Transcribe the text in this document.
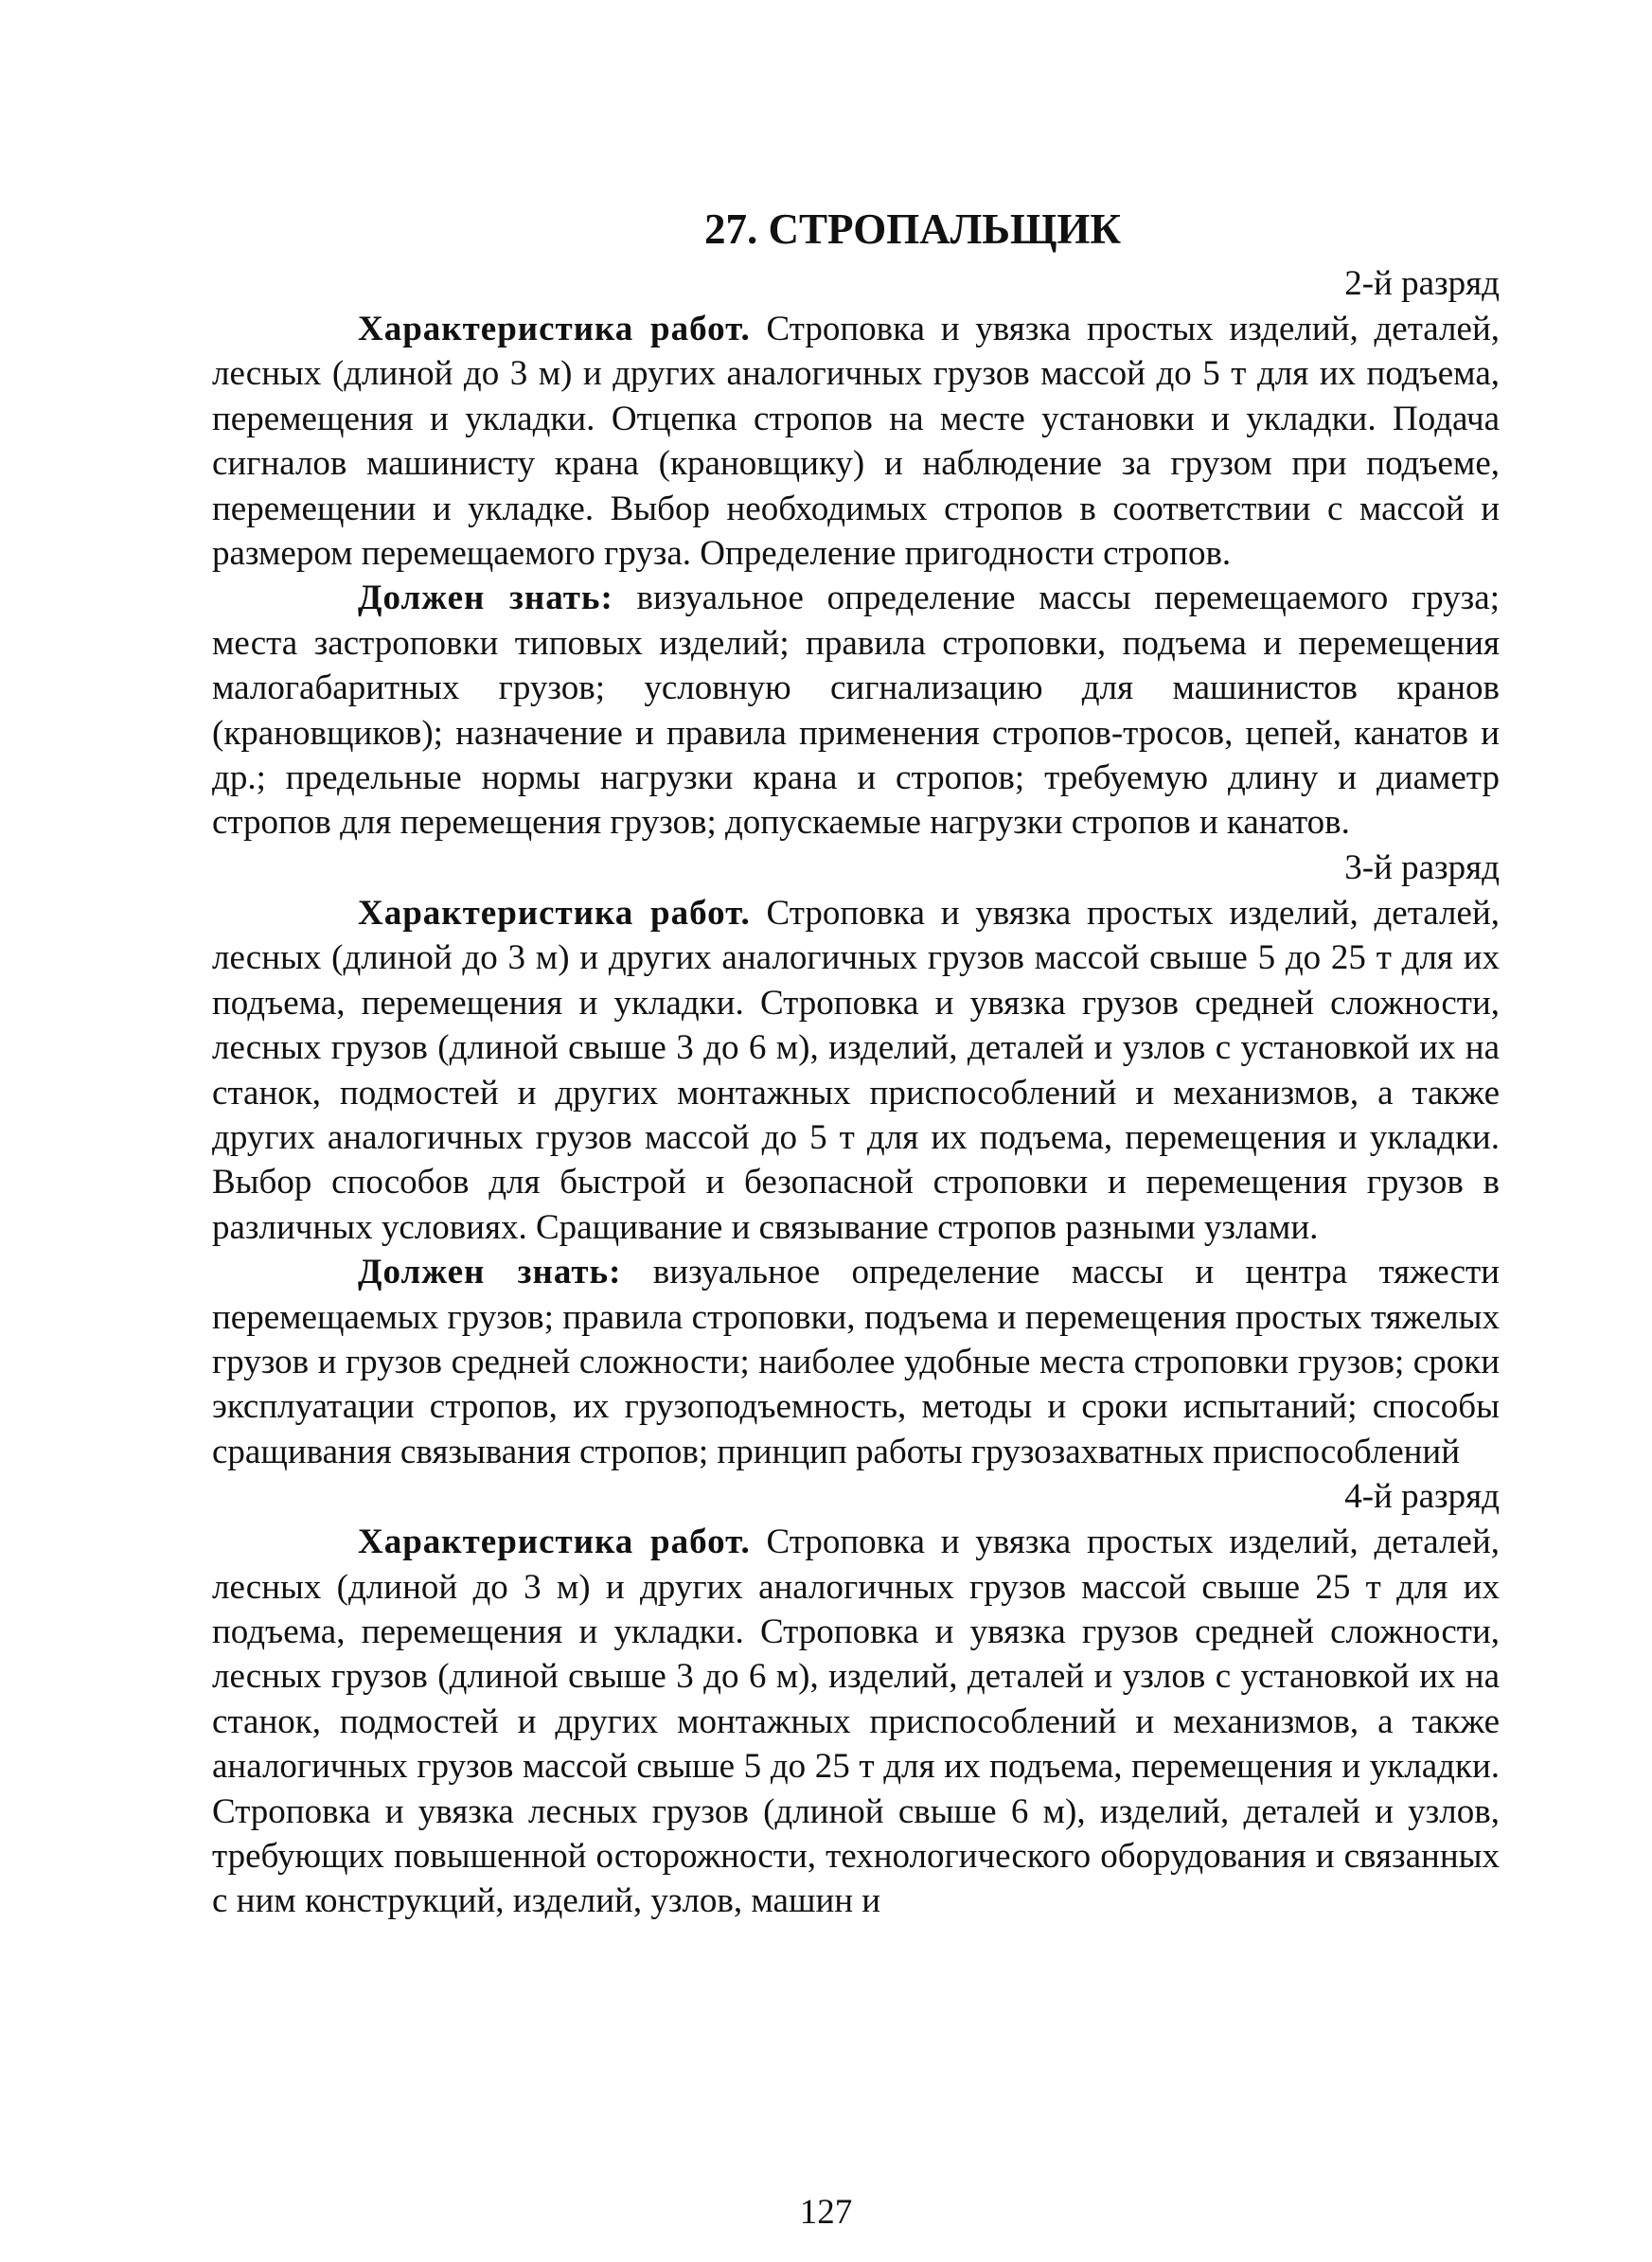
27. СТРОПАЛЬЩИК
2-й разряд

Характеристика работ. Строповка и увязка простых изделий, деталей, лесных (длиной до 3 м) и других аналогичных грузов массой до 5 т для их подъема, перемещения и укладки. Отцепка стропов на месте установки и укладки. Подача сигналов машинисту крана (крановщику) и наблюдение за грузом при подъеме, перемещении и укладке. Выбор необходимых стропов в соответствии с массой и размером перемещаемого груза. Определение пригодности стропов.

Должен знать: визуальное определение массы перемещаемого груза; места застроповки типовых изделий; правила строповки, подъема и перемещения малогабаритных грузов; условную сигнализацию для машинистов кранов (крановщиков); назначение и правила применения стропов-тросов, цепей, канатов и др.; предельные нормы нагрузки крана и стропов; требуемую длину и диаметр стропов для перемещения грузов; допускаемые нагрузки стропов и канатов.

3-й разряд

Характеристика работ. Строповка и увязка простых изделий, деталей, лесных (длиной до 3 м) и других аналогичных грузов массой свыше 5 до 25 т для их подъема, перемещения и укладки. Строповка и увязка грузов средней сложности, лесных грузов (длиной свыше 3 до 6 м), изделий, деталей и узлов с установкой их на станок, подмостей и других монтажных приспособлений и механизмов, а также других аналогичных грузов массой до 5 т для их подъема, перемещения и укладки. Выбор способов для быстрой и безопасной строповки и перемещения грузов в различных условиях. Сращивание и связывание стропов разными узлами.

Должен знать: визуальное определение массы и центра тяжести перемещаемых грузов; правила строповки, подъема и перемещения простых тяжелых грузов и грузов средней сложности; наиболее удобные места строповки грузов; сроки эксплуатации стропов, их грузоподъемность, методы и сроки испытаний; способы сращивания связывания стропов; принцип работы грузозахватных приспособлений

4-й разряд

Характеристика работ. Строповка и увязка простых изделий, деталей, лесных (длиной до 3 м) и других аналогичных грузов массой свыше 25 т для их подъема, перемещения и укладки. Строповка и увязка грузов средней сложности, лесных грузов (длиной свыше 3 до 6 м), изделий, деталей и узлов с установкой их на станок, подмостей и других монтажных приспособлений и механизмов, а также аналогичных грузов массой свыше 5 до 25 т для их подъема, перемещения и укладки. Строповка и увязка лесных грузов (длиной свыше 6 м), изделий, деталей и узлов, требующих повышенной осторожности, технологического оборудования и связанных с ним конструкций, изделий, узлов, машин и

127
